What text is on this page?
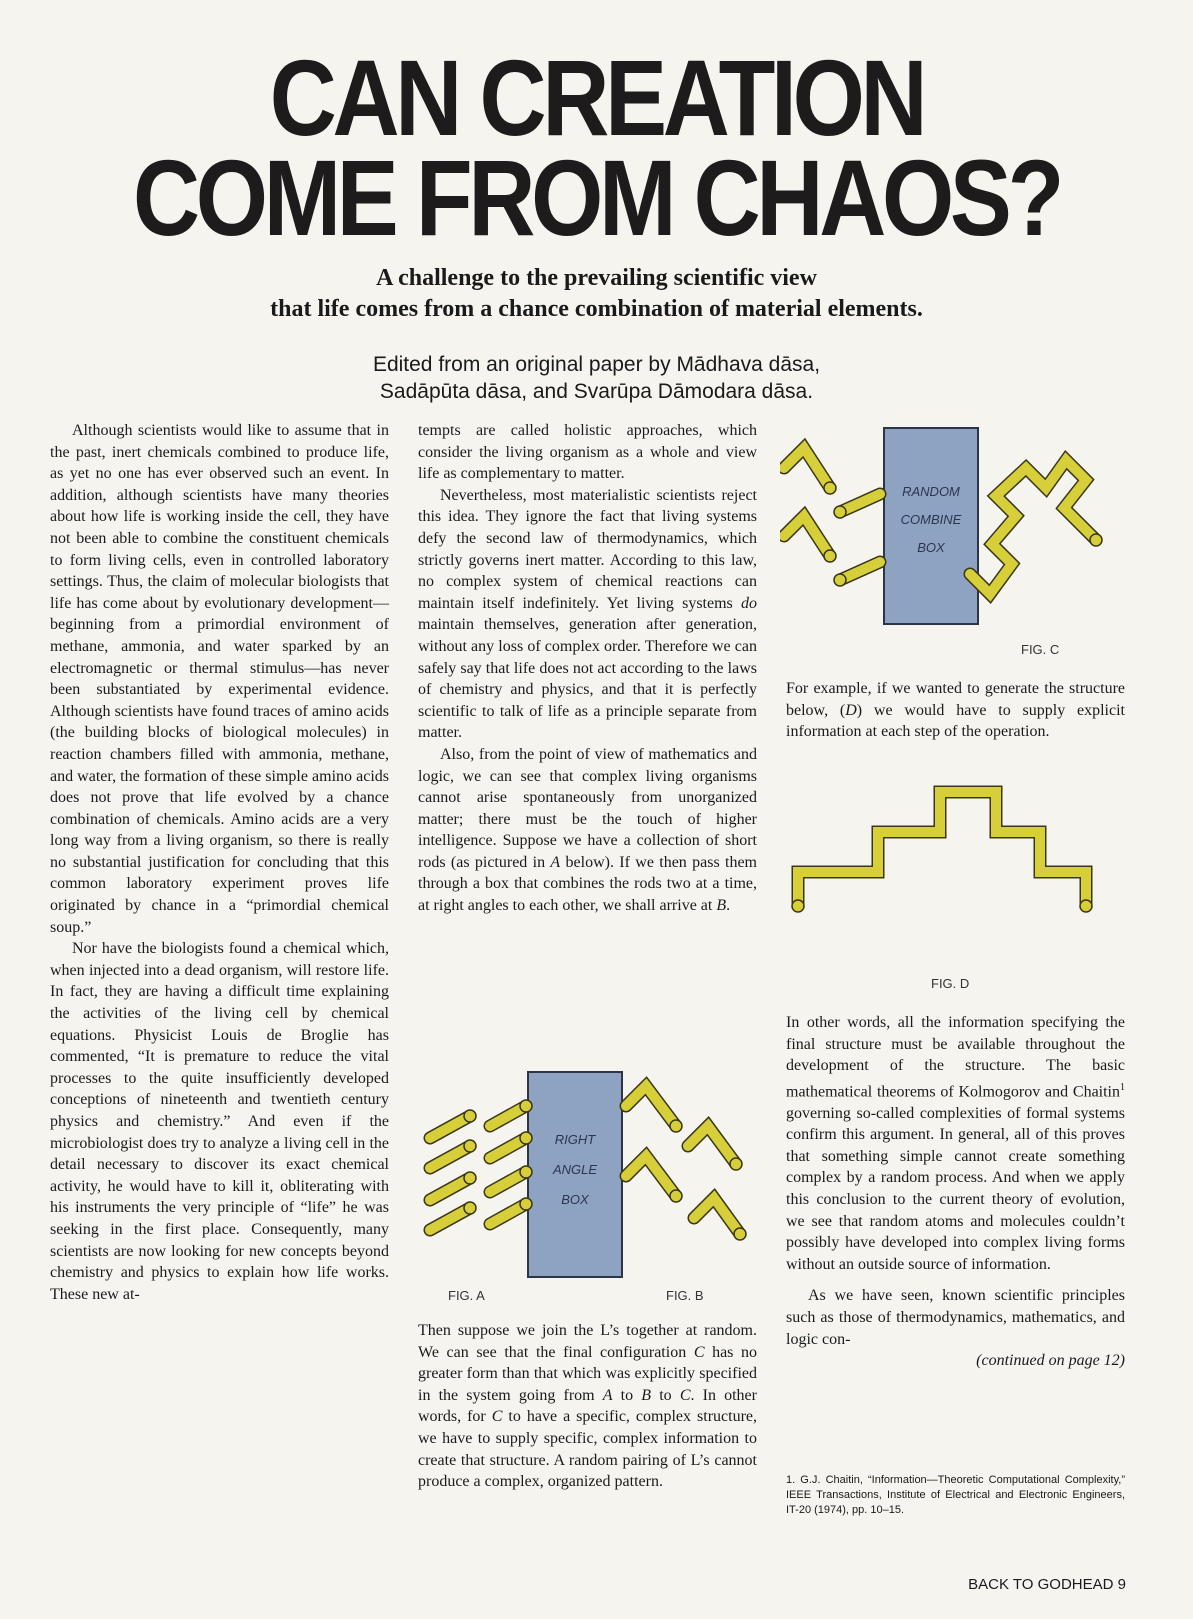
CAN CREATION
COME FROM CHAOS?
A challenge to the prevailing scientific view
that life comes from a chance combination of material elements.
Edited from an original paper by Mādhava dāsa,
Sadāpūta dāsa, and Svarūpa Dāmodara dāsa.

Although scientists would like to assume that in the past, inert chemicals combined to produce life, as yet no one has ever observed such an event. In addition, although scientists have many theories about how life is working inside the cell, they have not been able to combine the constituent chemicals to form living cells, even in controlled laboratory settings. Thus, the claim of molecular biologists that life has come about by evolutionary development—beginning from a primordial environment of methane, ammonia, and water sparked by an electromagnetic or thermal stimulus—has never been substantiated by experimental evidence. Although scientists have found traces of amino acids (the building blocks of biological molecules) in reaction chambers filled with ammonia, methane, and water, the formation of these simple amino acids does not prove that life evolved by a chance combination of chemicals. Amino acids are a very long way from a living organism, so there is really no substantial justification for concluding that this common laboratory experiment proves life originated by chance in a “primordial chemical soup.”

Nor have the biologists found a chemical which, when injected into a dead organism, will restore life. In fact, they are having a difficult time explaining the activities of the living cell by chemical equations. Physicist Louis de Broglie has commented, “It is premature to reduce the vital processes to the quite insufficiently developed conceptions of nineteenth and twentieth century physics and chemistry.” And even if the microbiologist does try to analyze a living cell in the detail necessary to discover its exact chemical activity, he would have to kill it, obliterating with his instruments the very principle of “life” he was seeking in the first place. Consequently, many scientists are now looking for new concepts beyond chemistry and physics to explain how life works. These new at-

tempts are called holistic approaches, which consider the living organism as a whole and view life as complementary to matter.

Nevertheless, most materialistic scientists reject this idea. They ignore the fact that living systems defy the second law of thermodynamics, which strictly governs inert matter. According to this law, no complex system of chemical reactions can maintain itself indefinitely. Yet living systems do maintain themselves, generation after generation, without any loss of complex order. Therefore we can safely say that life does not act according to the laws of chemistry and physics, and that it is perfectly scientific to talk of life as a principle separate from matter.

Also, from the point of view of mathematics and logic, we can see that complex living organisms cannot arise spontaneously from unorganized matter; there must be the touch of higher intelligence. Suppose we have a collection of short rods (as pictured in A below). If we then pass them through a box that combines the rods two at a time, at right angles to each other, we shall arrive at B.

RIGHT
ANGLE
BOX
FIG. A	FIG. B

Then suppose we join the L’s together at random. We can see that the final configuration C has no greater form than that which was explicitly specified in the system going from A to B to C. In other words, for C to have a specific, complex structure, we have to supply specific, complex information to create that structure. A random pairing of L’s cannot produce a complex, organized pattern.

RANDOM
COMBINE
BOX
FIG. C

For example, if we wanted to generate the structure below, (D) we would have to supply explicit information at each step of the operation.

FIG. D

In other words, all the information specifying the final structure must be available throughout the development of the structure. The basic mathematical theorems of Kolmogorov and Chaitin$^1$ governing so-called complexities of formal systems confirm this argument. In general, all of this proves that something simple cannot create something complex by a random process. And when we apply this conclusion to the current theory of evolution, we see that random atoms and molecules couldn’t possibly have developed into complex living forms without an outside source of information.

As we have seen, known scientific principles such as those of thermodynamics, mathematics, and logic con-

(continued on page 12)

1. G.J. Chaitin, “Information—Theoretic Computational Complexity,” IEEE Transactions, Institute of Electrical and Electronic Engineers, IT-20 (1974), pp. 10–15.
BACK TO GODHEAD 9
